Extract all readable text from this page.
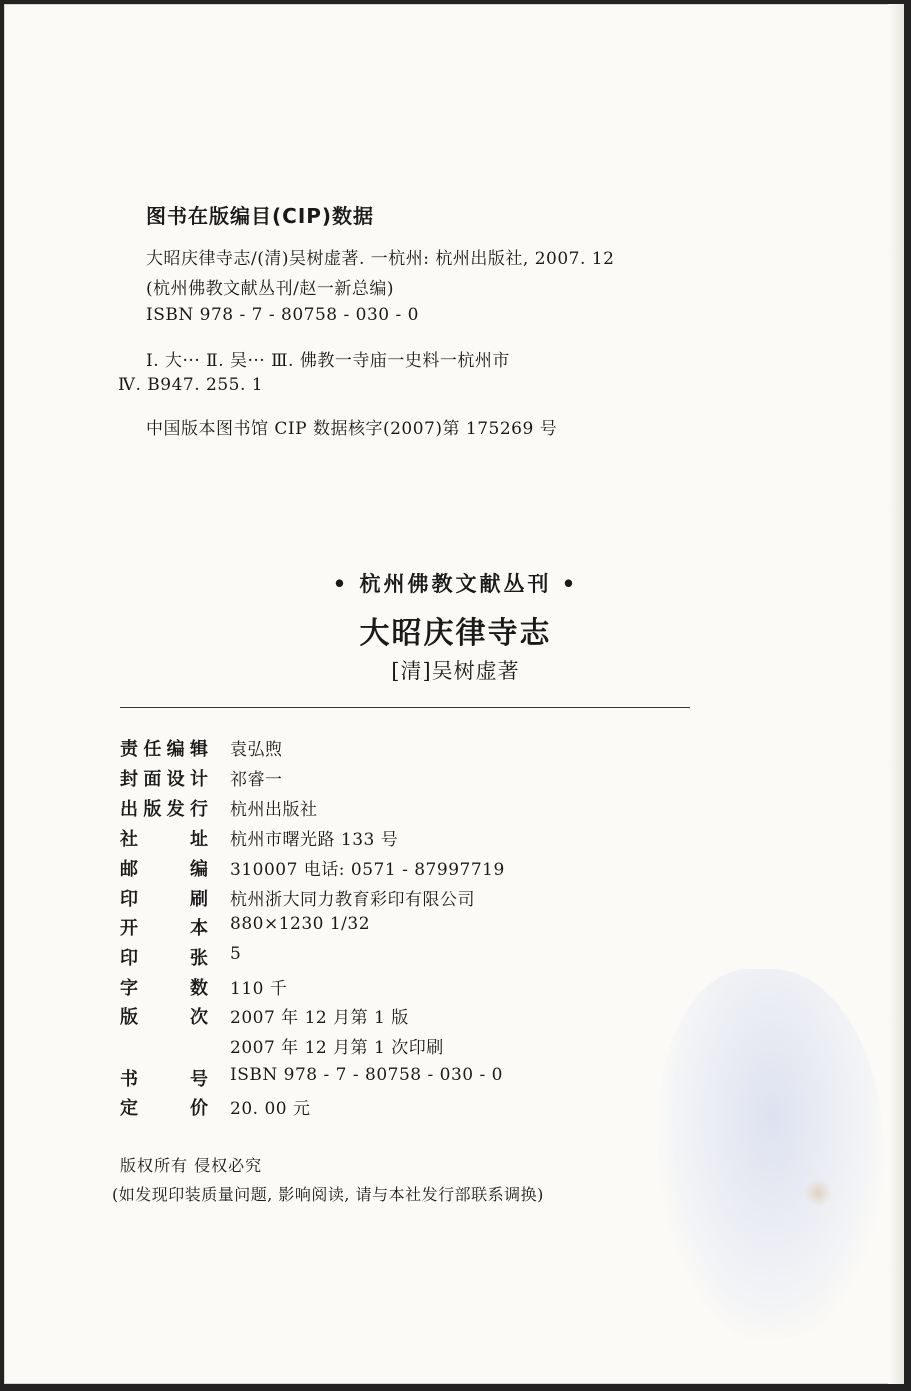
图书在版编目(CIP)数据
大昭庆律寺志/(清)吴树虚著. 一杭州: 杭州出版社, 2007. 12
(杭州佛教文献丛刊/赵一新总编)
ISBN 978 - 7 - 80758 - 030 - 0
Ⅰ. 大··· Ⅱ. 吴··· Ⅲ. 佛教一寺庙一史料一杭州市
Ⅳ. B947. 255. 1
中国版本图书馆 CIP 数据核字(2007)第 175269 号
• 杭州佛教文献丛刊 •
大昭庆律寺志
[清]吴树虚著
责 任 编 辑 袁弘煦
封 面 设 计 祁睿一
出 版 发 行 杭州出版社
社	址 杭州市曙光路 133 号
邮	编 310007 电话: 0571 - 87997719
印	刷 杭州浙大同力教育彩印有限公司
开	本 880×1230 1/32
印	张 5
字	数 110 千
版	次 2007 年 12 月第 1 版
2007 年 12 月第 1 次印刷
书	号 ISBN 978 - 7 - 80758 - 030 - 0
定	价 20. 00 元
版权所有 侵权必究
(如发现印装质量问题, 影响阅读, 请与本社发行部联系调换)
